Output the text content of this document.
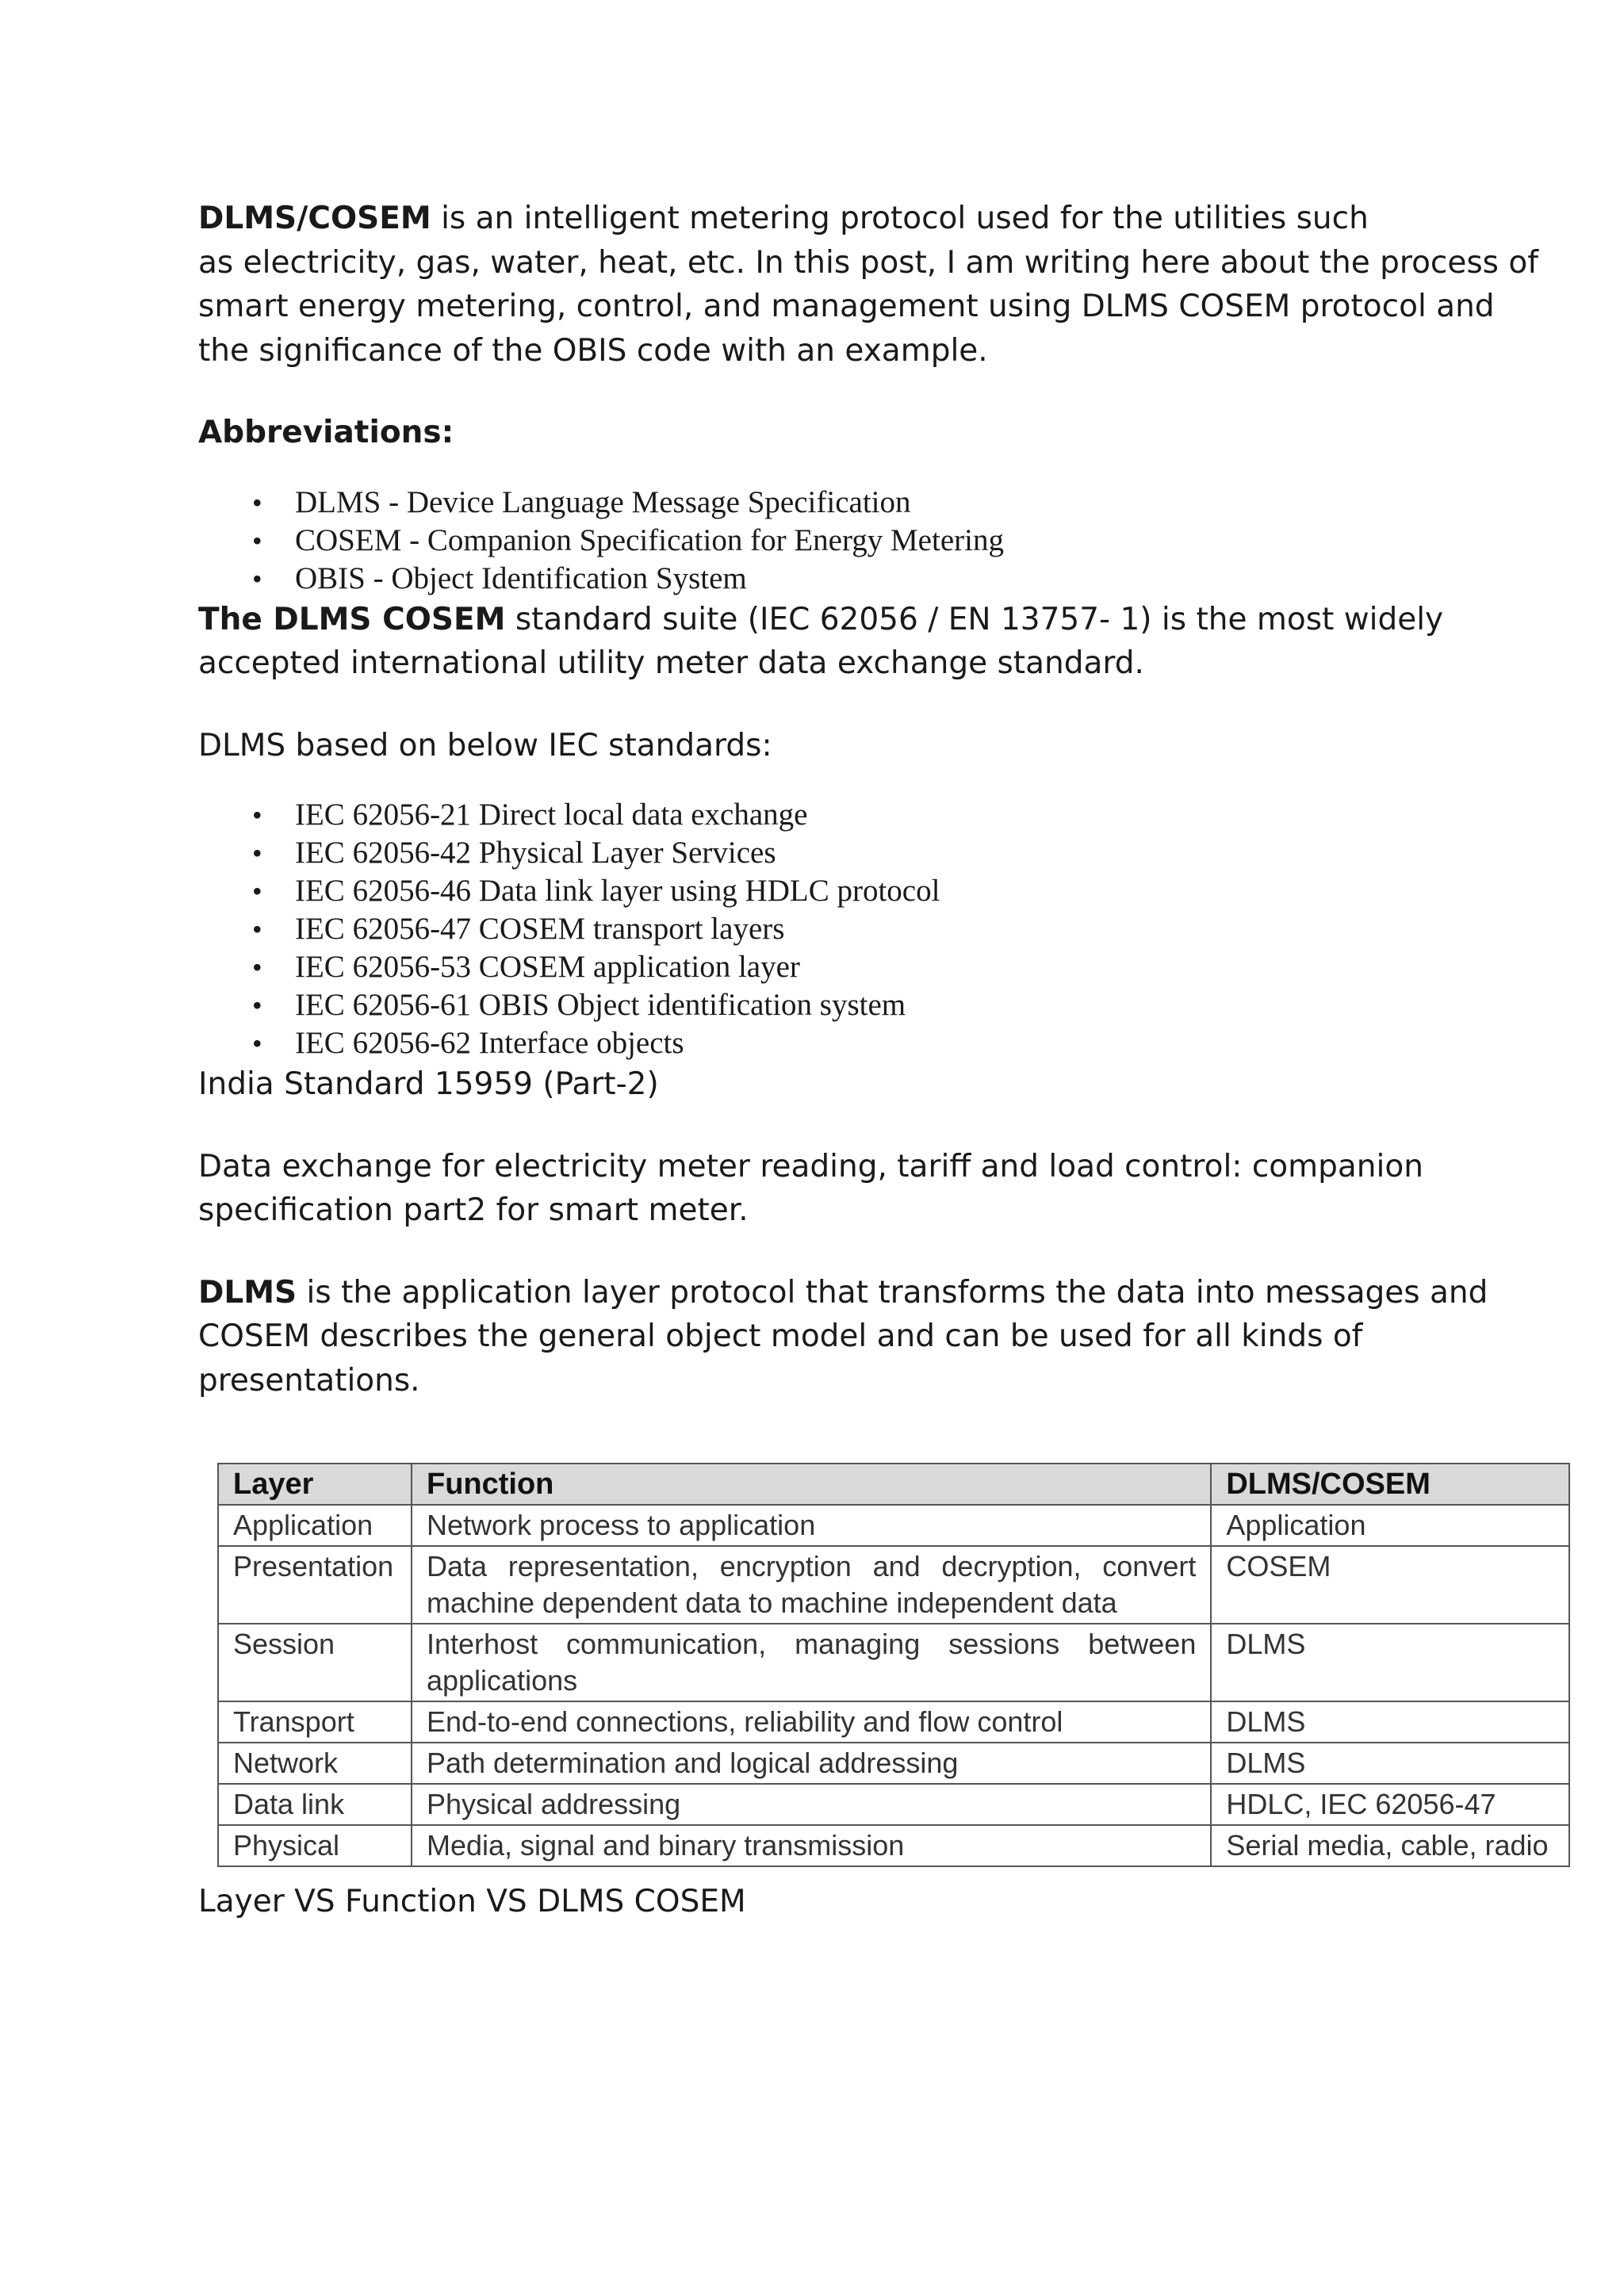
DLMS/COSEM is an intelligent metering protocol used for the utilities such
as electricity, gas, water, heat, etc. In this post, I am writing here about the process of
smart energy metering, control, and management using DLMS COSEM protocol and
the significance of the OBIS code with an example.

Abbreviations:

• DLMS - Device Language Message Specification
• COSEM - Companion Specification for Energy Metering
• OBIS - Object Identification System

The DLMS COSEM standard suite (IEC 62056 / EN 13757- 1) is the most widely
accepted international utility meter data exchange standard.

DLMS based on below IEC standards:

• IEC 62056-21 Direct local data exchange
• IEC 62056-42 Physical Layer Services
• IEC 62056-46 Data link layer using HDLC protocol
• IEC 62056-47 COSEM transport layers
• IEC 62056-53 COSEM application layer
• IEC 62056-61 OBIS Object identification system
• IEC 62056-62 Interface objects

India Standard 15959 (Part-2)

Data exchange for electricity meter reading, tariff and load control: companion
specification part2 for smart meter.

DLMS is the application layer protocol that transforms the data into messages and
COSEM describes the general object model and can be used for all kinds of
presentations.

Layer	Function	DLMS/COSEM
Application	Network process to application	Application
Presentation	Data representation, encryption and decryption, convert machine dependent data to machine independent data	COSEM
Session	Interhost communication, managing sessions between applications	DLMS
Transport	End-to-end connections, reliability and flow control	DLMS
Network	Path determination and logical addressing	DLMS
Data link	Physical addressing	HDLC, IEC 62056-47
Physical	Media, signal and binary transmission	Serial media, cable, radio

Layer VS Function VS DLMS COSEM
